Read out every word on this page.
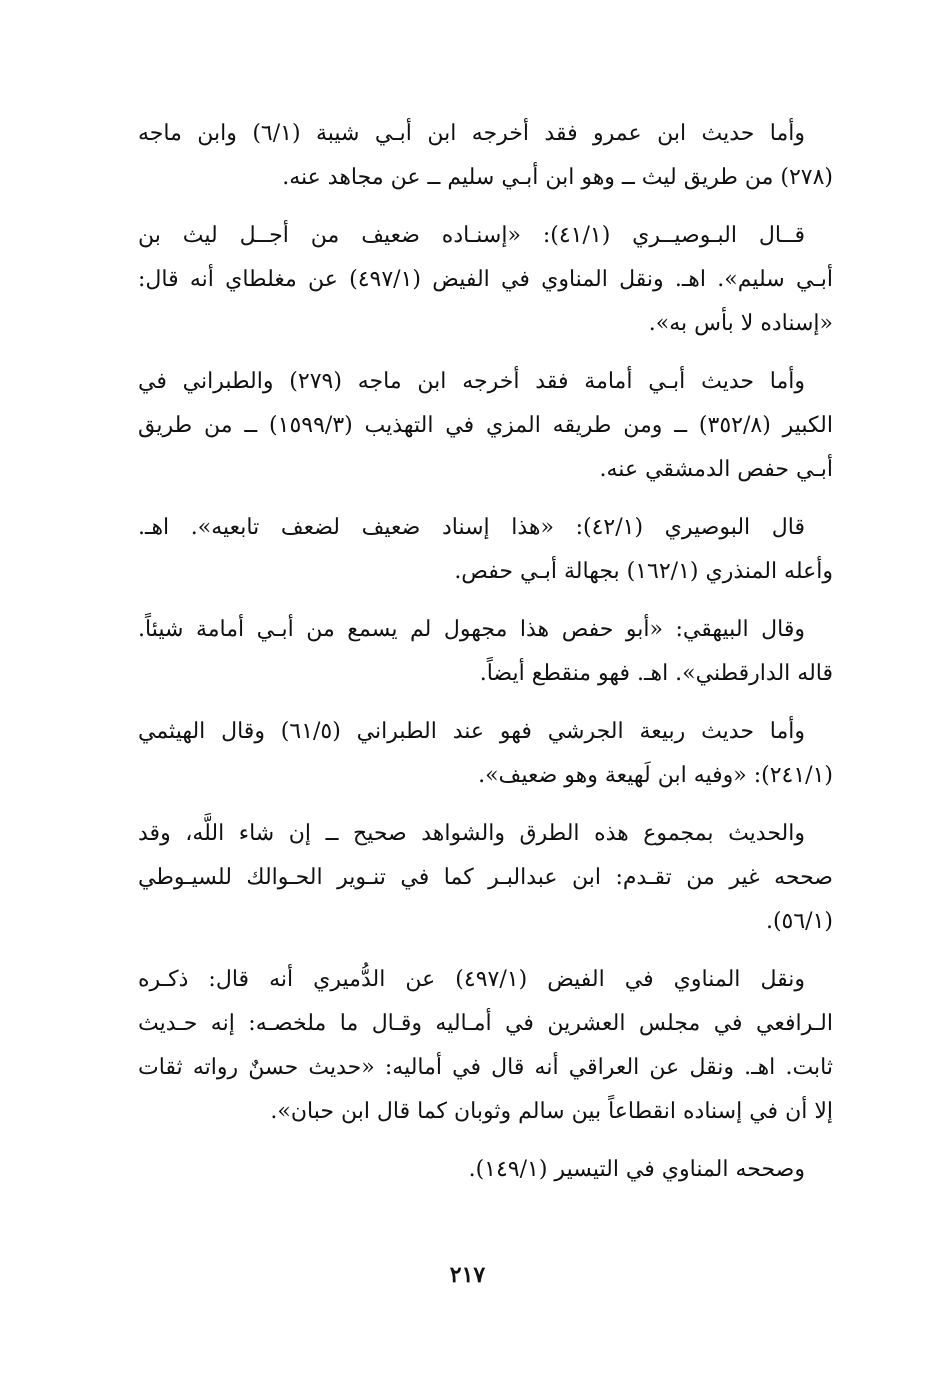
وأما حديث ابن عمرو فقد أخرجه ابن أبـي شيبة (٦/١) وابن ماجه
(٢٧٨) من طريق ليث ــ وهو ابن أبـي سليم ــ عن مجاهد عنه.

قــال البـوصيــري (٤١/١): «إسنـاده ضعيف من أجــل ليث بن
أبـي سليم». اهـ. ونقل المناوي في الفيض (٤٩٧/١) عن مغلطاي أنه قال:
«إسناده لا بأس به».

وأما حديث أبـي أمامة فقد أخرجه ابن ماجه (٢٧٩) والطبراني في
الكبير (٣٥٢/٨) ــ ومن طريقه المزي في التهذيب (١٥٩٩/٣) ــ من طريق
أبـي حفص الدمشقي عنه.

قال البوصيري (٤٢/١): «هذا إسناد ضعيف لضعف تابعيه». اهـ.
وأعله المنذري (١٦٢/١) بجهالة أبـي حفص.

وقال البيهقي: «أبو حفص هذا مجهول لم يسمع من أبـي أمامة شيئاً.
قاله الدارقطني». اهـ. فهو منقطع أيضاً.

وأما حديث ربيعة الجرشي فهو عند الطبراني (٦١/٥) وقال الهيثمي
(٢٤١/١): «وفيه ابن لَهيعة وهو ضعيف».

والحديث بمجموع هذه الطرق والشواهد صحيح ــ إن شاء اللَّه، وقد
صححه غير من تقـدم: ابن عبدالبـر كما في تنـوير الحـوالك للسيـوطي
(٥٦/١).

ونقل المناوي في الفيض (٤٩٧/١) عن الدُّميري أنه قال: ذكـره
الـرافعي في مجلس العشرين في أمـاليه وقـال ما ملخصـه: إنه حـديث
ثابت. اهـ. ونقل عن العراقي أنه قال في أماليه: «حديث حسنٌ رواته ثقات
إلا أن في إسناده انقطاعاً بين سالم وثوبان كما قال ابن حبان».

وصححه المناوي في التيسير (١٤٩/١).

٢١٧
